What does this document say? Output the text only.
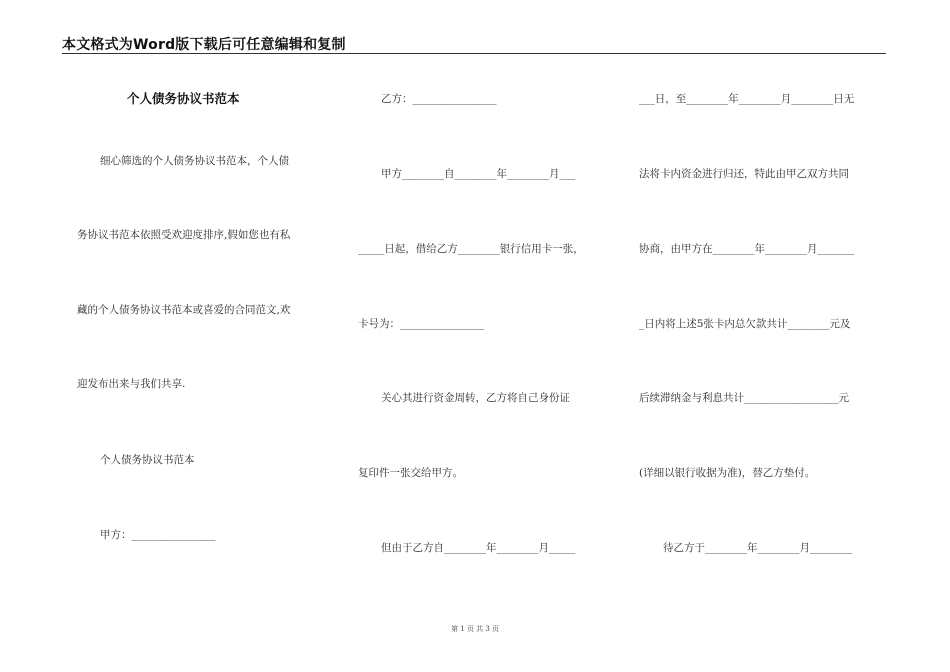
本文格式为Word版下载后可任意编辑和复制
个人债务协议书范本
细心筛选的个人债务协议书范本，个人债
务协议书范本依照受欢迎度排序,假如您也有私
藏的个人债务协议书范本或喜爱的合同范文,欢
迎发布出来与我们共享.
个人债务协议书范本
甲方：________________
乙方：________________
甲方________自________年________月___
_____日起，借给乙方________银行信用卡一张，
卡号为：________________
关心其进行资金周转，乙方将自己身份证
复印件一张交给甲方。
但由于乙方自________年________月_____
___日，至________年________月________日无
法将卡内资金进行归还，特此由甲乙双方共同
协商，由甲方在________年________月_______
_日内将上述5张卡内总欠款共计________元及
后续滞纳金与利息共计__________________元
(详细以银行收据为准)，替乙方垫付。
待乙方于________年________月________
第 1 页 共 3 页
